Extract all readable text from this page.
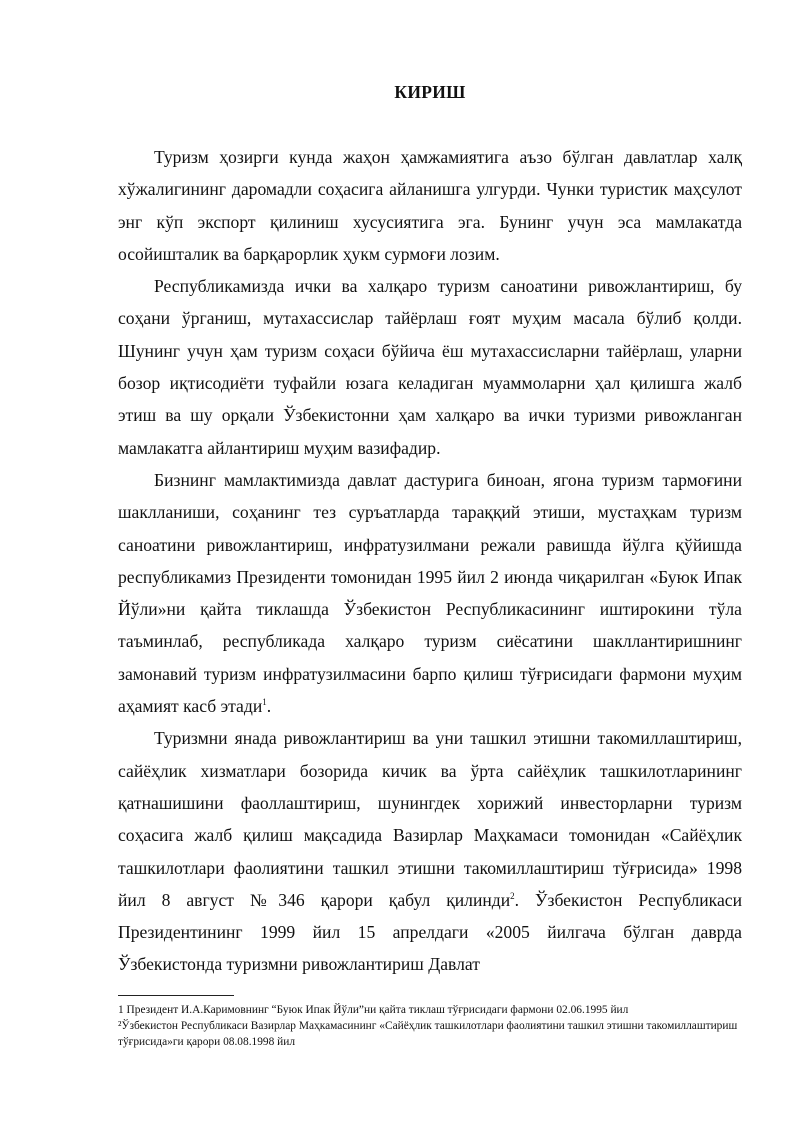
КИРИШ

Туризм ҳозирги кунда жаҳон ҳамжамиятига аъзо бўлган давлатлар халқ хўжалигининг даромадли соҳасига айланишга улгурди. Чунки туристик маҳсулот энг кўп экспорт қилиниш хусусиятига эга. Бунинг учун эса мамлакатда осойишталик ва барқарорлик ҳукм сурмоғи лозим.

Республикамизда ички ва халқаро туризм саноатини ривожлантириш, бу соҳани ўрганиш, мутахассислар тайёрлаш ғоят муҳим масала бўлиб қолди. Шунинг учун ҳам туризм соҳаси бўйича ёш мутахассисларни тайёрлаш, уларни бозор иқтисодиёти туфайли юзага келадиган муаммоларни ҳал қилишга жалб этиш ва шу орқали Ўзбекистонни ҳам халқаро ва ички туризми ривожланган мамлакатга айлантириш муҳим вазифадир.

Бизнинг мамлактимизда давлат дастурига биноан, ягона туризм тармоғини шаклланиши, соҳанинг тез суръатларда тараққий этиши, мустаҳкам туризм саноатини ривожлантириш, инфратузилмани режали равишда йўлга қўйишда республикамиз Президенти томонидан 1995 йил 2 июнда чиқарилган «Буюк Ипак Йўли»ни қайта тиклашда Ўзбекистон Республикасининг иштирокини тўла таъминлаб, республикада халқаро туризм сиёсатини шакллантиришнинг замонавий туризм инфратузилмасини барпо қилиш тўғрисидаги фармони муҳим аҳамият касб этади$^1$.

Туризмни янада ривожлантириш ва уни ташкил этишни такомиллаштириш, сайёҳлик хизматлари бозорида кичик ва ўрта сайёҳлик ташкилотларининг қатнашишини фаоллаштириш, шунингдек хорижий инвесторларни туризм соҳасига жалб қилиш мақсадида Вазирлар Маҳкамаси томонидан «Сайёҳлик ташкилотлари фаолиятини ташкил этишни такомиллаштириш тўғрисида» 1998 йил 8 август №346 қарори қабул қилинди$^2$. Ўзбекистон Республикаси Президентининг 1999 йил 15 апрелдаги «2005 йилгача бўлган даврда Ўзбекистонда туризмни ривожлантириш Давлат

1 Президент И.А.Каримовнинг “Буюк Ипак Йўли”ни қайта тиклаш тўғрисидаги фармони 02.06.1995 йил

²Ўзбекистон Республикаси Вазирлар Маҳкамасининг «Сайёҳлик ташкилотлари фаолиятини ташкил этишни такомиллаштириш тўғрисида»ги қарори 08.08.1998 йил
